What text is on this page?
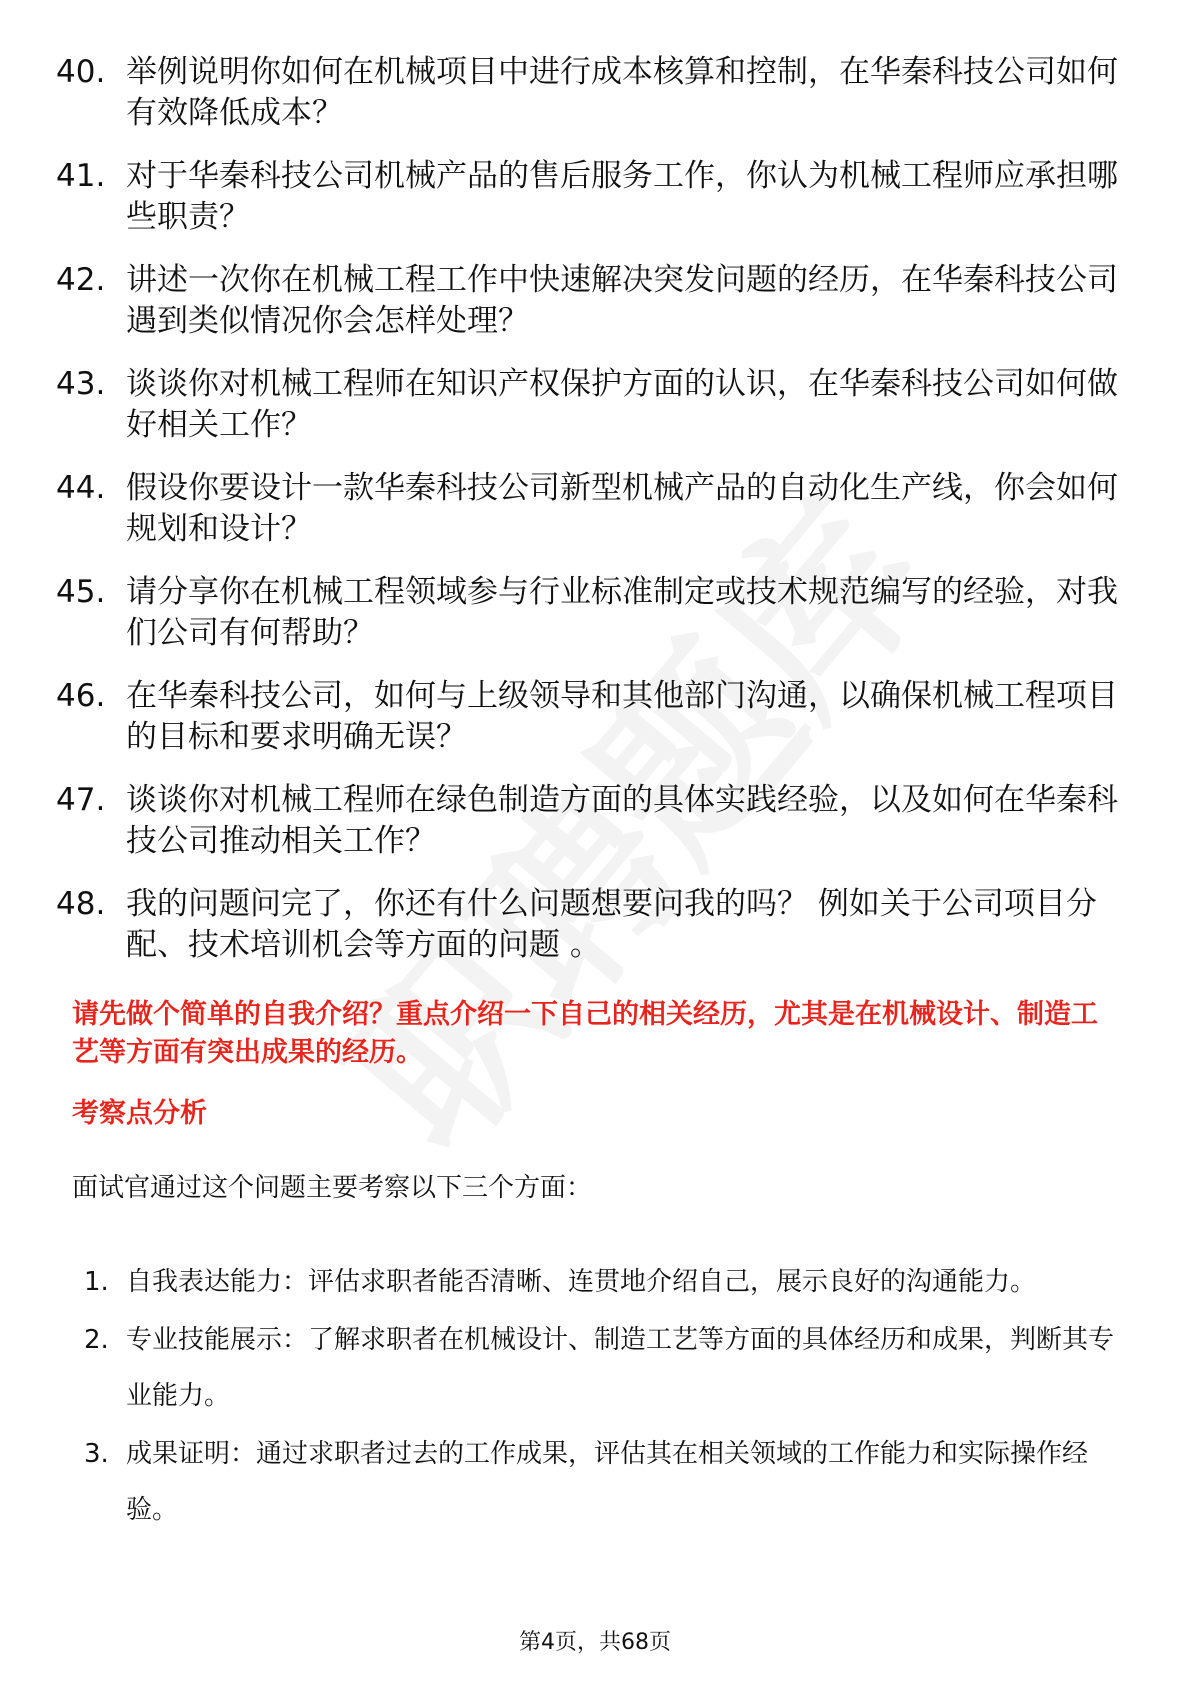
40. 举例说明你如何在机械项目中进行成本核算和控制，在华秦科技公司如何有效降低成本？
41. 对于华秦科技公司机械产品的售后服务工作，你认为机械工程师应承担哪些职责？
42. 讲述一次你在机械工程工作中快速解决突发问题的经历，在华秦科技公司遇到类似情况你会怎样处理？
43. 谈谈你对机械工程师在知识产权保护方面的认识，在华秦科技公司如何做好相关工作？
44. 假设你要设计一款华秦科技公司新型机械产品的自动化生产线，你会如何规划和设计？
45. 请分享你在机械工程领域参与行业标准制定或技术规范编写的经验，对我们公司有何帮助？
46. 在华秦科技公司，如何与上级领导和其他部门沟通，以确保机械工程项目的目标和要求明确无误？
47. 谈谈你对机械工程师在绿色制造方面的具体实践经验，以及如何在华秦科技公司推动相关工作？
48. 我的问题问完了，你还有什么问题想要问我的吗？ 例如关于公司项目分配、技术培训机会等方面的问题 。

请先做个简单的自我介绍？重点介绍一下自己的相关经历，尤其是在机械设计、制造工艺等方面有突出成果的经历。

考察点分析

面试官通过这个问题主要考察以下三个方面：

1. 自我表达能力：评估求职者能否清晰、连贯地介绍自己，展示良好的沟通能力。
2. 专业技能展示：了解求职者在机械设计、制造工艺等方面的具体经历和成果，判断其专业能力。
3. 成果证明：通过求职者过去的工作成果，评估其在相关领域的工作能力和实际操作经验。
第4页，共68页
